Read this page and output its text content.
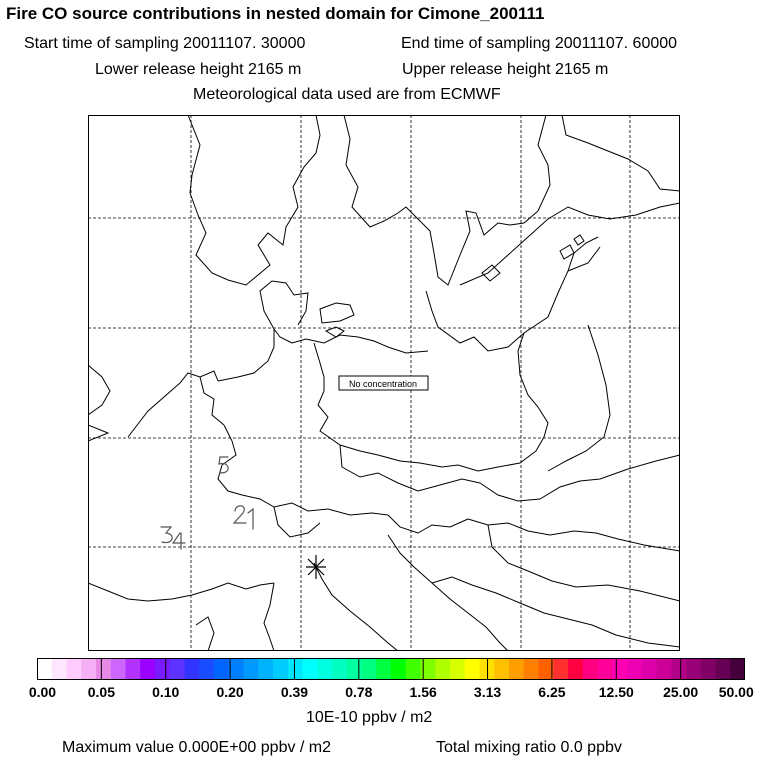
Fire CO source contributions in nested domain for Cimone_200111
Start time of sampling 20011107. 30000	End time of sampling 20011107. 60000
Lower release height 2165 m	Upper release height 2165 m
Meteorological data used are from ECMWF
No concentration
0.00 0.05	0.10	0.20	0.39	0.78	1.56	3.13	6.25 12.50 25.00 50.00
10E-10 ppbv / m2
Maximum value 0.000E+00 ppbv / m2	Total mixing ratio 0.0 ppbv
